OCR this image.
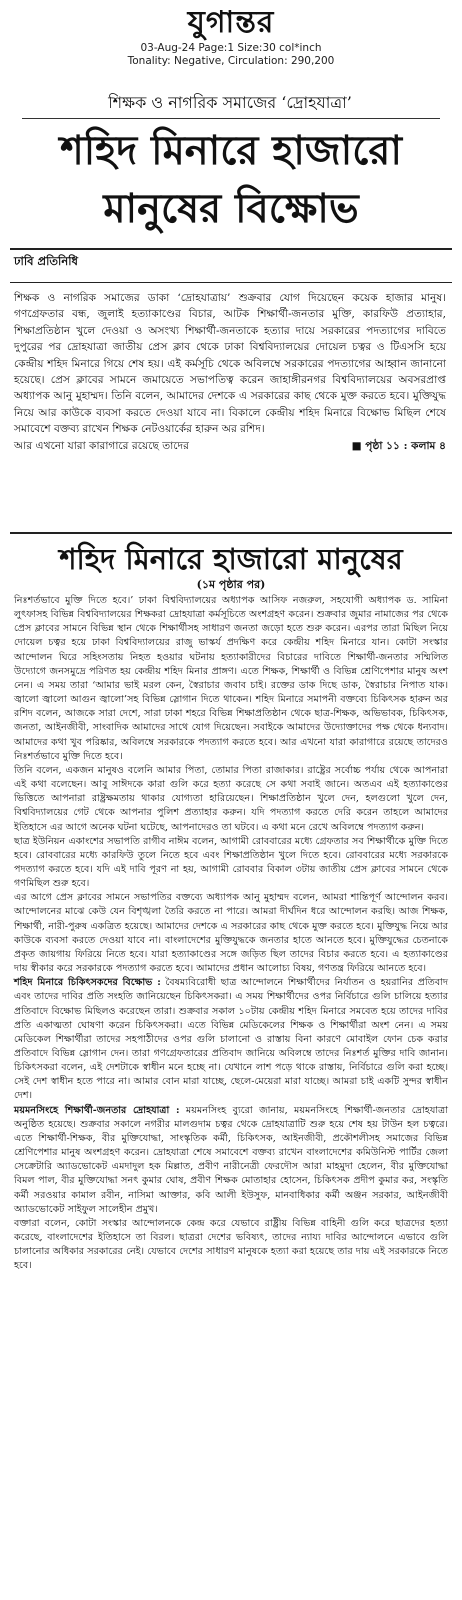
যুগান্তর
03-Aug-24 Page:1 Size:30 col*inch
Tonality: Negative, Circulation: 290,200
শিক্ষক ও নাগরিক সমাজের ‘দ্রোহযাত্রা’
শহিদ মিনারে হাজারো
মানুষের বিক্ষোভ
ঢাবি প্রতিনিধি

শিক্ষক ও নাগরিক সমাজের ডাকা ‘দ্রোহযাত্রায়’ শুক্রবার যোগ দিয়েছেন কয়েক হাজার মানুষ। গণগ্রেফতার বন্ধ, জুলাই হত্যাকাণ্ডের বিচার, আটক শিক্ষার্থী-জনতার মুক্তি, কারফিউ প্রত্যাহার, শিক্ষাপ্রতিষ্ঠান খুলে দেওয়া ও অসংখ্য শিক্ষার্থী-জনতাকে হত্যার দায়ে সরকারের পদত্যাগের দাবিতে দুপুরের পর দ্রোহযাত্রা জাতীয় প্রেস ক্লাব থেকে ঢাকা বিশ্ববিদ্যালয়ের দোয়েল চত্বর ও টিএসসি হয়ে কেন্দ্রীয় শহিদ মিনারে গিয়ে শেষ হয়। এই কর্মসূচি থেকে অবিলম্বে সরকারের পদত্যাগের আহ্বান জানানো হয়েছে। প্রেস ক্লাবের সামনে জমায়েতে সভাপতিত্ব করেন জাহাঙ্গীরনগর বিশ্ববিদ্যালয়ের অবসরপ্রাপ্ত অধ্যাপক আনু মুহাম্মদ। তিনি বলেন, আমাদের দেশকে এ সরকারের কাছ থেকে মুক্ত করতে হবে। মুক্তিযুদ্ধ নিয়ে আর কাউকে ব্যবসা করতে দেওয়া যাবে না। বিকালে কেন্দ্রীয় শহিদ মিনারে বিক্ষোভ মিছিল শেষে সমাবেশে বক্তব্য রাখেন শিক্ষক নেটওয়ার্কের হারুন অর রশিদ।

আর এখনো যারা কারাগারে রয়েছে তাদের	■ পৃষ্ঠা ১১ : কলাম ৪

শহিদ মিনারে হাজারো মানুষের
(১ম পৃষ্ঠার পর)

নিঃশর্তভাবে মুক্তি দিতে হবে।’ ঢাকা বিশ্ববিদ্যালয়ের অধ্যাপক আসিফ নজরুল, সহযোগী অধ্যাপক ড. সামিনা লুৎফাসহ বিভিন্ন বিশ্ববিদ্যালয়ের শিক্ষকরা দ্রোহযাত্রা কর্মসূচিতে অংশগ্রহণ করেন। শুক্রবার জুমার নামাজের পর থেকে প্রেস ক্লাবের সামনে বিভিন্ন স্থান থেকে শিক্ষার্থীসহ সাধারণ জনতা জড়ো হতে শুরু করেন। এরপর তারা মিছিল নিয়ে দোয়েল চত্বর হয়ে ঢাকা বিশ্ববিদ্যালয়ের রাজু ভাস্কর্য প্রদক্ষিণ করে কেন্দ্রীয় শহিদ মিনারে যান। কোটা সংস্কার আন্দোলন ঘিরে সহিংসতায় নিহত হওয়ার ঘটনায় হত্যাকারীদের বিচারের দাবিতে শিক্ষার্থী-জনতার সম্মিলিত উদ্যোগে জনসমুদ্রে পরিণত হয় কেন্দ্রীয় শহিদ মিনার প্রাঙ্গণ। এতে শিক্ষক, শিক্ষার্থী ও বিভিন্ন শ্রেণিপেশার মানুষ অংশ নেন। এ সময় তারা ‘আমার ভাই মরল কেন, স্বৈরাচার জবাব চাই। রক্তের ডাক দিছে ডাক, স্বৈরাচার নিপাত যাক। জ্বালো জ্বালো আগুন জ্বালো’সহ বিভিন্ন স্লোগান দিতে থাকেন। শহিদ মিনারে সমাপনী বক্তব্যে চিকিৎসক হারুন অর রশিদ বলেন, আজকে সারা দেশে, সারা ঢাকা শহরে বিভিন্ন শিক্ষাপ্রতিষ্ঠান থেকে ছাত্র-শিক্ষক, অভিভাবক, চিকিৎসক, জনতা, আইনজীবী, সাংবাদিক আমাদের সাথে যোগ দিয়েছেন। সবাইকে আমাদের উদ্যোক্তাদের পক্ষ থেকে ধন্যবাদ। আমাদের কথা খুব পরিষ্কার, অবিলম্বে সরকারকে পদত্যাগ করতে হবে। আর এখনো যারা কারাগারে রয়েছে তাদেরও নিঃশর্তভাবে মুক্তি দিতে হবে।

তিনি বলেন, একজন মানুষও বলেনি আমার পিতা, তোমার পিতা রাজাকার। রাষ্ট্রের সর্বোচ্চ পর্যায় থেকে আপনারা এই কথা বলেছেন। আবু সাঈদকে কারা গুলি করে হত্যা করেছে সে কথা সবাই জানে। অতএব এই হত্যাকাণ্ডের ভিত্তিতে আপনারা রাষ্ট্রক্ষমতায় থাকার যোগ্যতা হারিয়েছেন। শিক্ষাপ্রতিষ্ঠান খুলে দেন, হলগুলো খুলে দেন, বিশ্ববিদ্যালয়ের গেট থেকে আপনার পুলিশ প্রত্যাহার করুন। যদি পদত্যাগ করতে দেরি করেন তাহলে আমাদের ইতিহাসে এর আগে অনেক ঘটনা ঘটেছে, আপনাদেরও তা ঘটবে। এ কথা মনে রেখে অবিলম্বে পদত্যাগ করুন।

ছাত্র ইউনিয়ন একাংশের সভাপতি রাগীব নাঈম বলেন, আগামী রোববারের মধ্যে গ্রেফতার সব শিক্ষার্থীকে মুক্তি দিতে হবে। রোববারের মধ্যে কারফিউ তুলে নিতে হবে এবং শিক্ষাপ্রতিষ্ঠান খুলে দিতে হবে। রোববারের মধ্যে সরকারকে পদত্যাগ করতে হবে। যদি এই দাবি পূরণ না হয়, আগামী রোববার বিকাল ৩টায় জাতীয় প্রেস ক্লাবের সামনে থেকে গণমিছিল শুরু হবে।

এর আগে প্রেস ক্লাবের সামনে সভাপতির বক্তব্যে অধ্যাপক আনু মুহাম্মদ বলেন, আমরা শান্তিপূর্ণ আন্দোলন করব। আন্দোলনের মাঝে কেউ যেন বিশৃঙ্খলা তৈরি করতে না পারে। আমরা দীর্ঘদিন ধরে আন্দোলন করছি। আজ শিক্ষক, শিক্ষার্থী, নারী-পুরুষ একত্রিত হয়েছে। আমাদের দেশকে এ সরকারের কাছ থেকে মুক্ত করতে হবে। মুক্তিযুদ্ধ নিয়ে আর কাউকে ব্যবসা করতে দেওয়া যাবে না। বাংলাদেশের মুক্তিযুদ্ধকে জনতার হাতে আনতে হবে। মুক্তিযুদ্ধের চেতনাকে প্রকৃত জায়গায় ফিরিয়ে নিতে হবে। যারা হত্যাকাণ্ডের সঙ্গে জড়িত ছিল তাদের বিচার করতে হবে। এ হত্যাকাণ্ডের দায় স্বীকার করে সরকারকে পদত্যাগ করতে হবে। আমাদের প্রধান আলোচ্য বিষয়, গণতন্ত্র ফিরিয়ে আনতে হবে।

শহিদ মিনারে চিকিৎসকদের বিক্ষোভ : বৈষম্যবিরোধী ছাত্র আন্দোলনে শিক্ষার্থীদের নির্যাতন ও হয়রানির প্রতিবাদ এবং তাদের দাবির প্রতি সংহতি জানিয়েছেন চিকিৎসকরা। এ সময় শিক্ষার্থীদের ওপর নির্বিচারে গুলি চালিয়ে হত্যার প্রতিবাদে বিক্ষোভ মিছিলও করেছেন তারা। শুক্রবার সকাল ১০টায় কেন্দ্রীয় শহিদ মিনারে সমবেত হয়ে তাদের দাবির প্রতি একাত্মতা ঘোষণা করেন চিকিৎসকরা। এতে বিভিন্ন মেডিকেলের শিক্ষক ও শিক্ষার্থীরা অংশ নেন। এ সময় মেডিকেল শিক্ষার্থীরা তাদের সহপাঠীদের ওপর গুলি চালানো ও রাস্তায় বিনা কারণে মোবাইল ফোন চেক করার প্রতিবাদে বিভিন্ন স্লোগান দেন। তারা গণগ্রেফতারের প্রতিবাদ জানিয়ে অবিলম্বে তাদের নিঃশর্ত মুক্তির দাবি জানান। চিকিৎসকরা বলেন, এই দেশটাকে স্বাধীন মনে হচ্ছে না। যেখানে লাশ পড়ে থাকে রাস্তায়, নির্বিচারে গুলি করা হচ্ছে। সেই দেশ স্বাধীন হতে পারে না। আমার বোন মারা যাচ্ছে, ছেলে-মেয়েরা মারা যাচ্ছে। আমরা চাই একটি সুন্দর স্বাধীন দেশ।

ময়মনসিংহে শিক্ষার্থী-জনতার দ্রোহযাত্রা : ময়মনসিংহ ব্যুরো জানায়, ময়মনসিংহে শিক্ষার্থী-জনতার দ্রোহযাত্রা অনুষ্ঠিত হয়েছে। শুক্রবার সকালে নগরীর মালগুদাম চত্বর থেকে দ্রোহযাত্রাটি শুরু হয়ে শেষ হয় টাউন হল চত্বরে। এতে শিক্ষার্থী-শিক্ষক, বীর মুক্তিযোদ্ধা, সাংস্কৃতিক কর্মী, চিকিৎসক, আইনজীবী, প্রকৌশলীসহ সমাজের বিভিন্ন শ্রেণিপেশার মানুষ অংশগ্রহণ করেন। দ্রোহযাত্রা শেষে সমাবেশে বক্তব্য রাখেন বাংলাদেশের কমিউনিস্ট পার্টির জেলা সেক্রেটারি অ্যাডভোকেট এমদাদুল হক মিল্লাত, প্রবীণ নারীনেত্রী ফেরদৌস আরা মাহমুদা হেলেন, বীর মুক্তিযোদ্ধা বিমল পাল, বীর মুক্তিযোদ্ধা সনৎ কুমার ঘোষ, প্রবীণ শিক্ষক মোতাহার হোসেন, চিকিৎসক প্রদীপ কুমার কর, সংস্কৃতি কর্মী সরওয়ার কামাল রবীন, নাসিমা আক্তার, কবি আলী ইউসুফ, মানবাধিকার কর্মী অঞ্জন সরকার, আইনজীবী অ্যাডভোকেট সাইফুল সালেহীন প্রমুখ।

বক্তারা বলেন, কোটা সংস্কার আন্দোলনকে কেন্দ্র করে যেভাবে রাষ্ট্রীয় বিভিন্ন বাহিনী গুলি করে ছাত্রদের হত্যা করেছে, বাংলাদেশের ইতিহাসে তা বিরল। ছাত্ররা দেশের ভবিষ্যৎ, তাদের ন্যায্য দাবির আন্দোলনে এভাবে গুলি চালানোর অধিকার সরকারের নেই। যেভাবে দেশের সাধারণ মানুষকে হত্যা করা হয়েছে তার দায় এই সরকারকে নিতে হবে।
